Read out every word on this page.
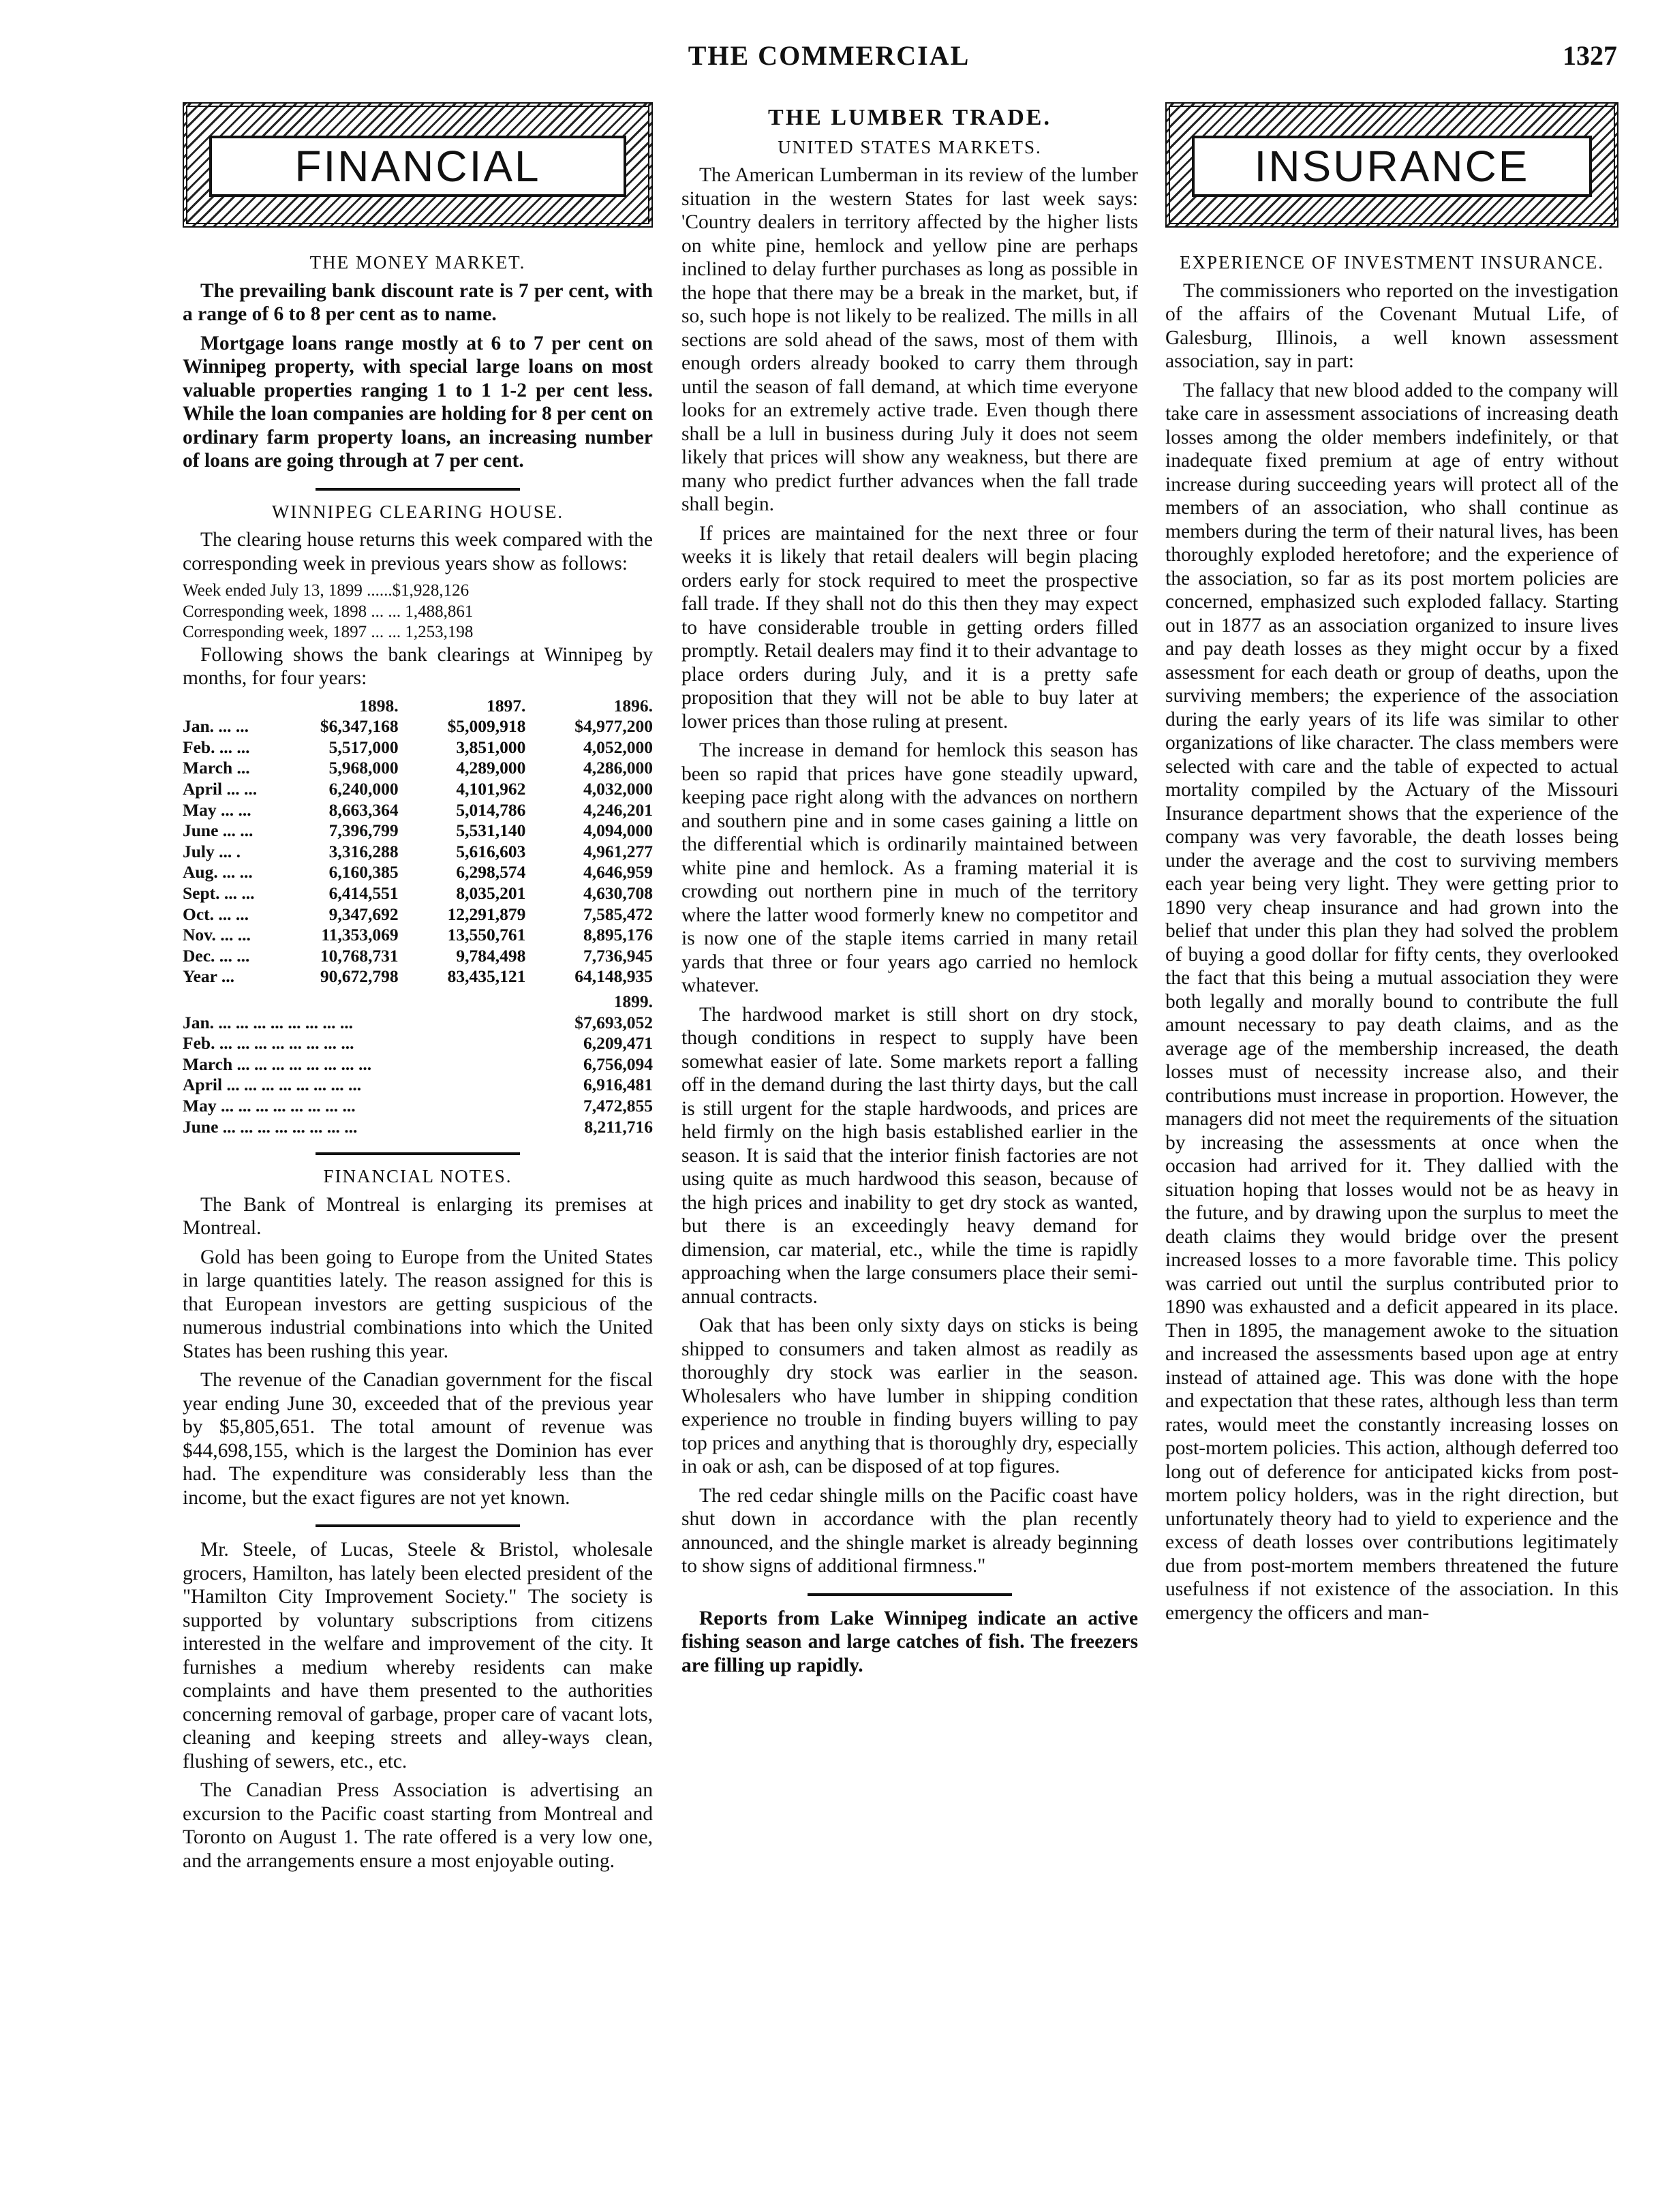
THE COMMERCIAL	1327
FINANCIAL
THE MONEY MARKET.

The prevailing bank discount rate is 7 per cent, with a range of 6 to 8 per cent as to name.

Mortgage loans range mostly at 6 to 7 per cent on Winnipeg property, with special large loans on most valuable properties ranging 1 to 1 1-2 per cent less. While the loan companies are holding for 8 per cent on ordinary farm property loans, an increasing number of loans are going through at 7 per cent.

WINNIPEG CLEARING HOUSE.

The clearing house returns this week compared with the corresponding week in previous years show as follows:

Week ended July 13, 1899 ......$1,928,126
Corresponding week, 1898 ... ... 1,488,861
Corresponding week, 1897 ... ... 1,253,198

Following shows the bank clearings at Winnipeg by months, for four years:

	1898.	1897.	1896.
Jan. ... ...	$6,347,168	$5,009,918	$4,977,200
Feb. ... ...	5,517,000	3,851,000	4,052,000
March ...	5,968,000	4,289,000	4,286,000
April ... ...	6,240,000	4,101,962	4,032,000
May ... ...	8,663,364	5,014,786	4,246,201
June ... ...	7,396,799	5,531,140	4,094,000
July ... .	3,316,288	5,616,603	4,961,277
Aug. ... ...	6,160,385	6,298,574	4,646,959
Sept. ... ...	6,414,551	8,035,201	4,630,708
Oct. ... ...	9,347,692	12,291,879	7,585,472
Nov. ... ...	11,353,069	13,550,761	8,895,176
Dec. ... ...	10,768,731	9,784,498	7,736,945
Year ...	90,672,798	83,435,121	64,148,935
	1899.
Jan. ... ... ... ... ... ... ... ...	$7,693,052
Feb. ... ... ... ... ... ... ... ...	6,209,471
March ... ... ... ... ... ... ... ...	6,756,094
April ... ... ... ... ... ... ... ...	6,916,481
May ... ... ... ... ... ... ... ...	7,472,855
June ... ... ... ... ... ... ... ...	8,211,716
FINANCIAL NOTES.

The Bank of Montreal is enlarging its premises at Montreal.

Gold has been going to Europe from the United States in large quantities lately. The reason assigned for this is that European investors are getting suspicious of the numerous industrial combinations into which the United States has been rushing this year.

The revenue of the Canadian government for the fiscal year ending June 30, exceeded that of the previous year by $5,805,651. The total amount of revenue was $44,698,155, which is the largest the Dominion has ever had. The expenditure was considerably less than the income, but the exact figures are not yet known.

Mr. Steele, of Lucas, Steele & Bristol, wholesale grocers, Hamilton, has lately been elected president of the "Hamilton City Improvement Society." The society is supported by voluntary subscriptions from citizens interested in the welfare and improvement of the city. It furnishes a medium whereby residents can make complaints and have them presented to the authorities concerning removal of garbage, proper care of vacant lots, cleaning and keeping streets and alley-ways clean, flushing of sewers, etc., etc.

The Canadian Press Association is advertising an excursion to the Pacific coast starting from Montreal and Toronto on August 1. The rate offered is a very low one, and the arrangements ensure a most enjoyable outing.

THE LUMBER TRADE.
UNITED STATES MARKETS.

The American Lumberman in its review of the lumber situation in the western States for last week says: 'Country dealers in territory affected by the higher lists on white pine, hemlock and yellow pine are perhaps inclined to delay further purchases as long as possible in the hope that there may be a break in the market, but, if so, such hope is not likely to be realized. The mills in all sections are sold ahead of the saws, most of them with enough orders already booked to carry them through until the season of fall demand, at which time everyone looks for an extremely active trade. Even though there shall be a lull in business during July it does not seem likely that prices will show any weakness, but there are many who predict further advances when the fall trade shall begin.

If prices are maintained for the next three or four weeks it is likely that retail dealers will begin placing orders early for stock required to meet the prospective fall trade. If they shall not do this then they may expect to have considerable trouble in getting orders filled promptly. Retail dealers may find it to their advantage to place orders during July, and it is a pretty safe proposition that they will not be able to buy later at lower prices than those ruling at present.

The increase in demand for hemlock this season has been so rapid that prices have gone steadily upward, keeping pace right along with the advances on northern and southern pine and in some cases gaining a little on the differential which is ordinarily maintained between white pine and hemlock. As a framing material it is crowding out northern pine in much of the territory where the latter wood formerly knew no competitor and is now one of the staple items carried in many retail yards that three or four years ago carried no hemlock whatever.

The hardwood market is still short on dry stock, though conditions in respect to supply have been somewhat easier of late. Some markets report a falling off in the demand during the last thirty days, but the call is still urgent for the staple hardwoods, and prices are held firmly on the high basis established earlier in the season. It is said that the interior finish factories are not using quite as much hardwood this season, because of the high prices and inability to get dry stock as wanted, but there is an exceedingly heavy demand for dimension, car material, etc., while the time is rapidly approaching when the large consumers place their semi-annual contracts.

Oak that has been only sixty days on sticks is being shipped to consumers and taken almost as readily as thoroughly dry stock was earlier in the season. Wholesalers who have lumber in shipping condition experience no trouble in finding buyers willing to pay top prices and anything that is thoroughly dry, especially in oak or ash, can be disposed of at top figures.

The red cedar shingle mills on the Pacific coast have shut down in accordance with the plan recently announced, and the shingle market is already beginning to show signs of additional firmness."

Reports from Lake Winnipeg indicate an active fishing season and large catches of fish. The freezers are filling up rapidly.

INSURANCE
EXPERIENCE OF INVESTMENT INSURANCE.

The commissioners who reported on the investigation of the affairs of the Covenant Mutual Life, of Galesburg, Illinois, a well known assessment association, say in part:

The fallacy that new blood added to the company will take care in assessment associations of increasing death losses among the older members indefinitely, or that inadequate fixed premium at age of entry without increase during succeeding years will protect all of the members of an association, who shall continue as members during the term of their natural lives, has been thoroughly exploded heretofore; and the experience of the association, so far as its post mortem policies are concerned, emphasized such exploded fallacy. Starting out in 1877 as an association organized to insure lives and pay death losses as they might occur by a fixed assessment for each death or group of deaths, upon the surviving members; the experience of the association during the early years of its life was similar to other organizations of like character. The class members were selected with care and the table of expected to actual mortality compiled by the Actuary of the Missouri Insurance department shows that the experience of the company was very favorable, the death losses being under the average and the cost to surviving members each year being very light. They were getting prior to 1890 very cheap insurance and had grown into the belief that under this plan they had solved the problem of buying a good dollar for fifty cents, they overlooked the fact that this being a mutual association they were both legally and morally bound to contribute the full amount necessary to pay death claims, and as the average age of the membership increased, the death losses must of necessity increase also, and their contributions must increase in proportion. However, the managers did not meet the requirements of the situation by increasing the assessments at once when the occasion had arrived for it. They dallied with the situation hoping that losses would not be as heavy in the future, and by drawing upon the surplus to meet the death claims they would bridge over the present increased losses to a more favorable time. This policy was carried out until the surplus contributed prior to 1890 was exhausted and a deficit appeared in its place. Then in 1895, the management awoke to the situation and increased the assessments based upon age at entry instead of attained age. This was done with the hope and expectation that these rates, although less than term rates, would meet the constantly increasing losses on post-mortem policies. This action, although deferred too long out of deference for anticipated kicks from post-mortem policy holders, was in the right direction, but unfortunately theory had to yield to experience and the excess of death losses over contributions legitimately due from post-mortem members threatened the future usefulness if not existence of the association. In this emergency the officers and man-
